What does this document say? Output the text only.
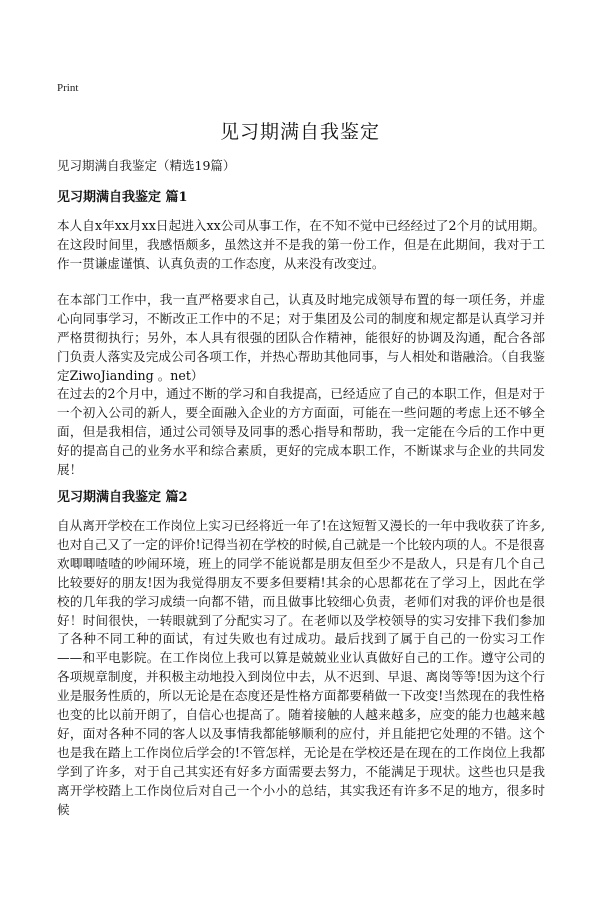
Print
见习期满自我鉴定

见习期满自我鉴定（精选19篇）

见习期满自我鉴定 篇1

本人自x年xx月xx日起进入xx公司从事工作，在不知不觉中已经经过了2个月的试用期。在这段时间里，我感悟颇多，虽然这并不是我的第一份工作，但是在此期间，我对于工作一贯谦虚谨慎、认真负责的工作态度，从来没有改变过。

在本部门工作中，我一直严格要求自己，认真及时地完成领导布置的每一项任务，并虚心向同事学习，不断改正工作中的不足；对于集团及公司的制度和规定都是认真学习并严格贯彻执行；另外，本人具有很强的团队合作精神，能很好的协调及沟通，配合各部门负责人落实及完成公司各项工作，并热心帮助其他同事，与人相处和谐融洽。（自我鉴定ZiwoJianding 。net）

在过去的2个月中，通过不断的学习和自我提高，已经适应了自己的本职工作，但是对于一个初入公司的新人，要全面融入企业的方方面面，可能在一些问题的考虑上还不够全面，但是我相信，通过公司领导及同事的悉心指导和帮助，我一定能在今后的工作中更好的提高自己的业务水平和综合素质，更好的完成本职工作，不断谋求与企业的共同发展！

见习期满自我鉴定 篇2

自从离开学校在工作岗位上实习已经将近一年了!在这短暂又漫长的一年中我收获了许多,也对自己又了一定的评价!记得当初在学校的时候,自己就是一个比较内项的人。不是很喜欢唧唧喳喳的吵闹环境，班上的同学不能说都是朋友但至少不是敌人，只是有几个自己比较要好的朋友!因为我觉得朋友不要多但要精!其余的心思都花在了学习上，因此在学校的几年我的学习成绩一向都不错，而且做事比较细心负责，老师们对我的评价也是很好！时间很快，一转眼就到了分配实习了。在老师以及学校领导的实习安排下我们参加了各种不同工种的面试，有过失败也有过成功。最后找到了属于自己的一份实习工作——和平电影院。在工作岗位上我可以算是兢兢业业认真做好自己的工作。遵守公司的各项规章制度，并积极主动地投入到岗位中去，从不迟到、早退、离岗等等!因为这个行业是服务性质的，所以无论是在态度还是性格方面都要稍做一下改变!当然现在的我性格也变的比以前开朗了，自信心也提高了。随着接触的人越来越多，应变的能力也越来越好，面对各种不同的客人以及事情我都能够顺利的应付，并且能把它处理的不错。这个也是我在踏上工作岗位后学会的!不管怎样，无论是在学校还是在现在的工作岗位上我都学到了许多，对于自己其实还有好多方面需要去努力，不能满足于现状。这些也只是我离开学校踏上工作岗位后对自己一个小小的总结，其实我还有许多不足的地方，很多时候
